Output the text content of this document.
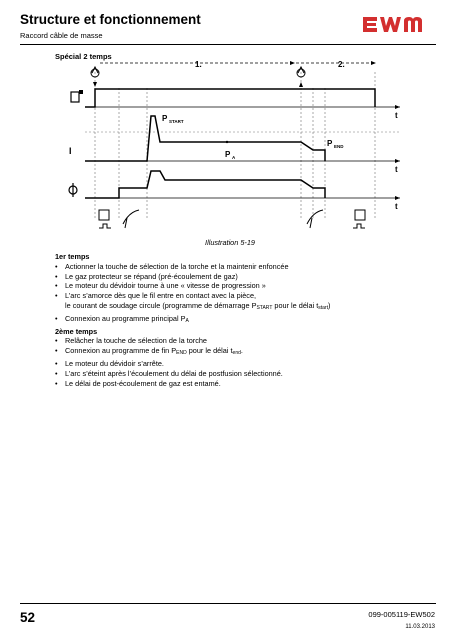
Structure et fonctionnement
Raccord câble de masse
Spécial 2 temps
1.	2.
t
I
t
P START
P A
P END
t
Illustration 5-19
1er temps
• Actionner la touche de sélection de la torche et la maintenir enfoncée
• Le gaz protecteur se répand (pré-écoulement de gaz)
• Le moteur du dévidoir tourne à une « vitesse de progression »
• L’arc s’amorce dès que le fil entre en contact avec la pièce,
le courant de soudage circule (programme de démarrage $P_{START}$ pour le délai $t_{start}$)
• Connexion au programme principal $P_A$
2ème temps
• Relâcher la touche de sélection de la torche
• Connexion au programme de fin $P_{END}$ pour le délai $t_{end}$.
• Le moteur du dévidoir s’arrête.
• L’arc s’éteint après l’écoulement du délai de postfusion sélectionné.
• Le délai de post-écoulement de gaz est entamé.
52	099-005119-EW502
11.03.2013
